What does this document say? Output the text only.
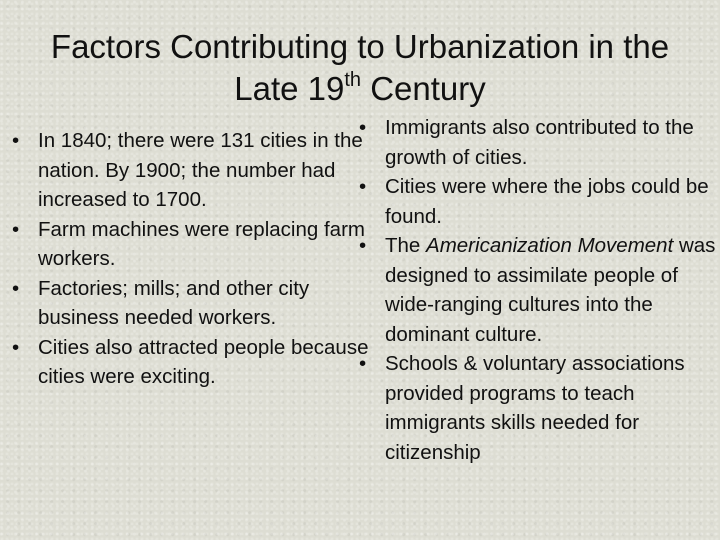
Factors Contributing to Urbanization in the Late 19th Century
• In 1840; there were 131 cities in the nation. By 1900; the number had increased to 1700.
• Farm machines were replacing farm workers.
• Factories; mills; and other city business needed workers.
• Cities also attracted people because cities were exciting.
• Immigrants also contributed to the growth of cities.
• Cities were where the jobs could be found.
• The Americanization Movement was designed to assimilate people of wide-ranging cultures into the dominant culture.
• Schools & voluntary associations provided programs to teach immigrants skills needed for citizenship
